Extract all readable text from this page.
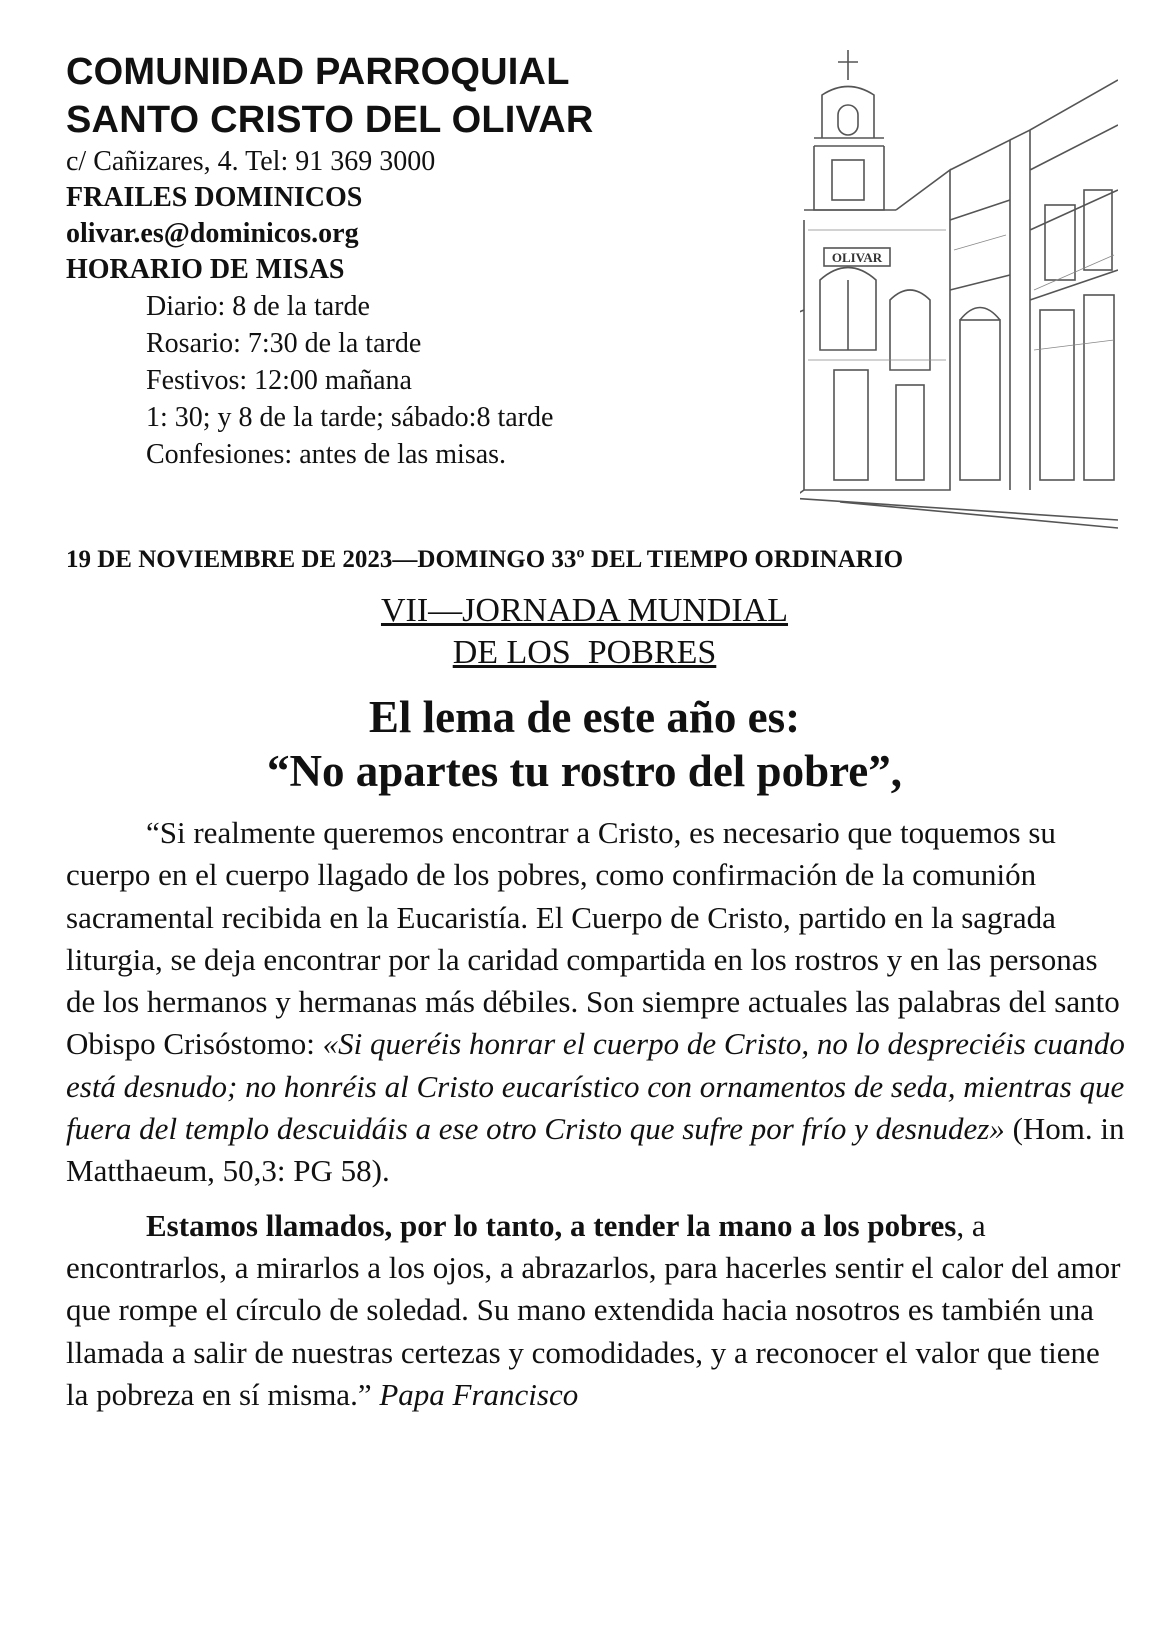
COMUNIDAD PARROQUIAL
SANTO CRISTO DEL OLIVAR

c/ Cañizares, 4. Tel: 91 369 3000

FRAILES DOMINICOS

olivar.es@dominicos.org

HORARIO DE MISAS

Diario: 8 de la tarde

Rosario: 7:30 de la tarde

Festivos: 12:00 mañana

1: 30; y 8 de la tarde; sábado:8 tarde

Confesiones: antes de las misas.

OLIVAR

19 DE NOVIEMBRE DE 2023—DOMINGO 33º DEL TIEMPO ORDINARIO

VII—JORNADA MUNDIAL
DE LOS  POBRES
El lema de este año es:
“No apartes tu rostro del pobre”,

“Si realmente queremos encontrar a Cristo, es necesario que toquemos su cuerpo en el cuerpo llagado de los pobres, como confirmación de la comunión sacramental recibida en la Eucaristía. El Cuerpo de Cristo, partido en la sagrada liturgia, se deja encontrar por la caridad compartida en los rostros y en las personas de los hermanos y hermanas más débiles. Son siempre actuales las palabras del santo Obispo Crisóstomo: «Si queréis honrar el cuerpo de Cristo, no lo despreciéis cuando está desnudo; no honréis al Cristo eucarístico con ornamentos de seda, mientras que fuera del templo descuidáis a ese otro Cristo que sufre por frío y desnudez» (Hom. in Matthaeum, 50,3: PG 58).

Estamos llamados, por lo tanto, a tender la mano a los pobres, a encontrarlos, a mirarlos a los ojos, a abrazarlos, para hacerles sentir el calor del amor que rompe el círculo de soledad. Su mano extendida hacia nosotros es también una llamada a salir de nuestras certezas y comodidades, y a reconocer el valor que tiene la pobreza en sí misma.” Papa Francisco
